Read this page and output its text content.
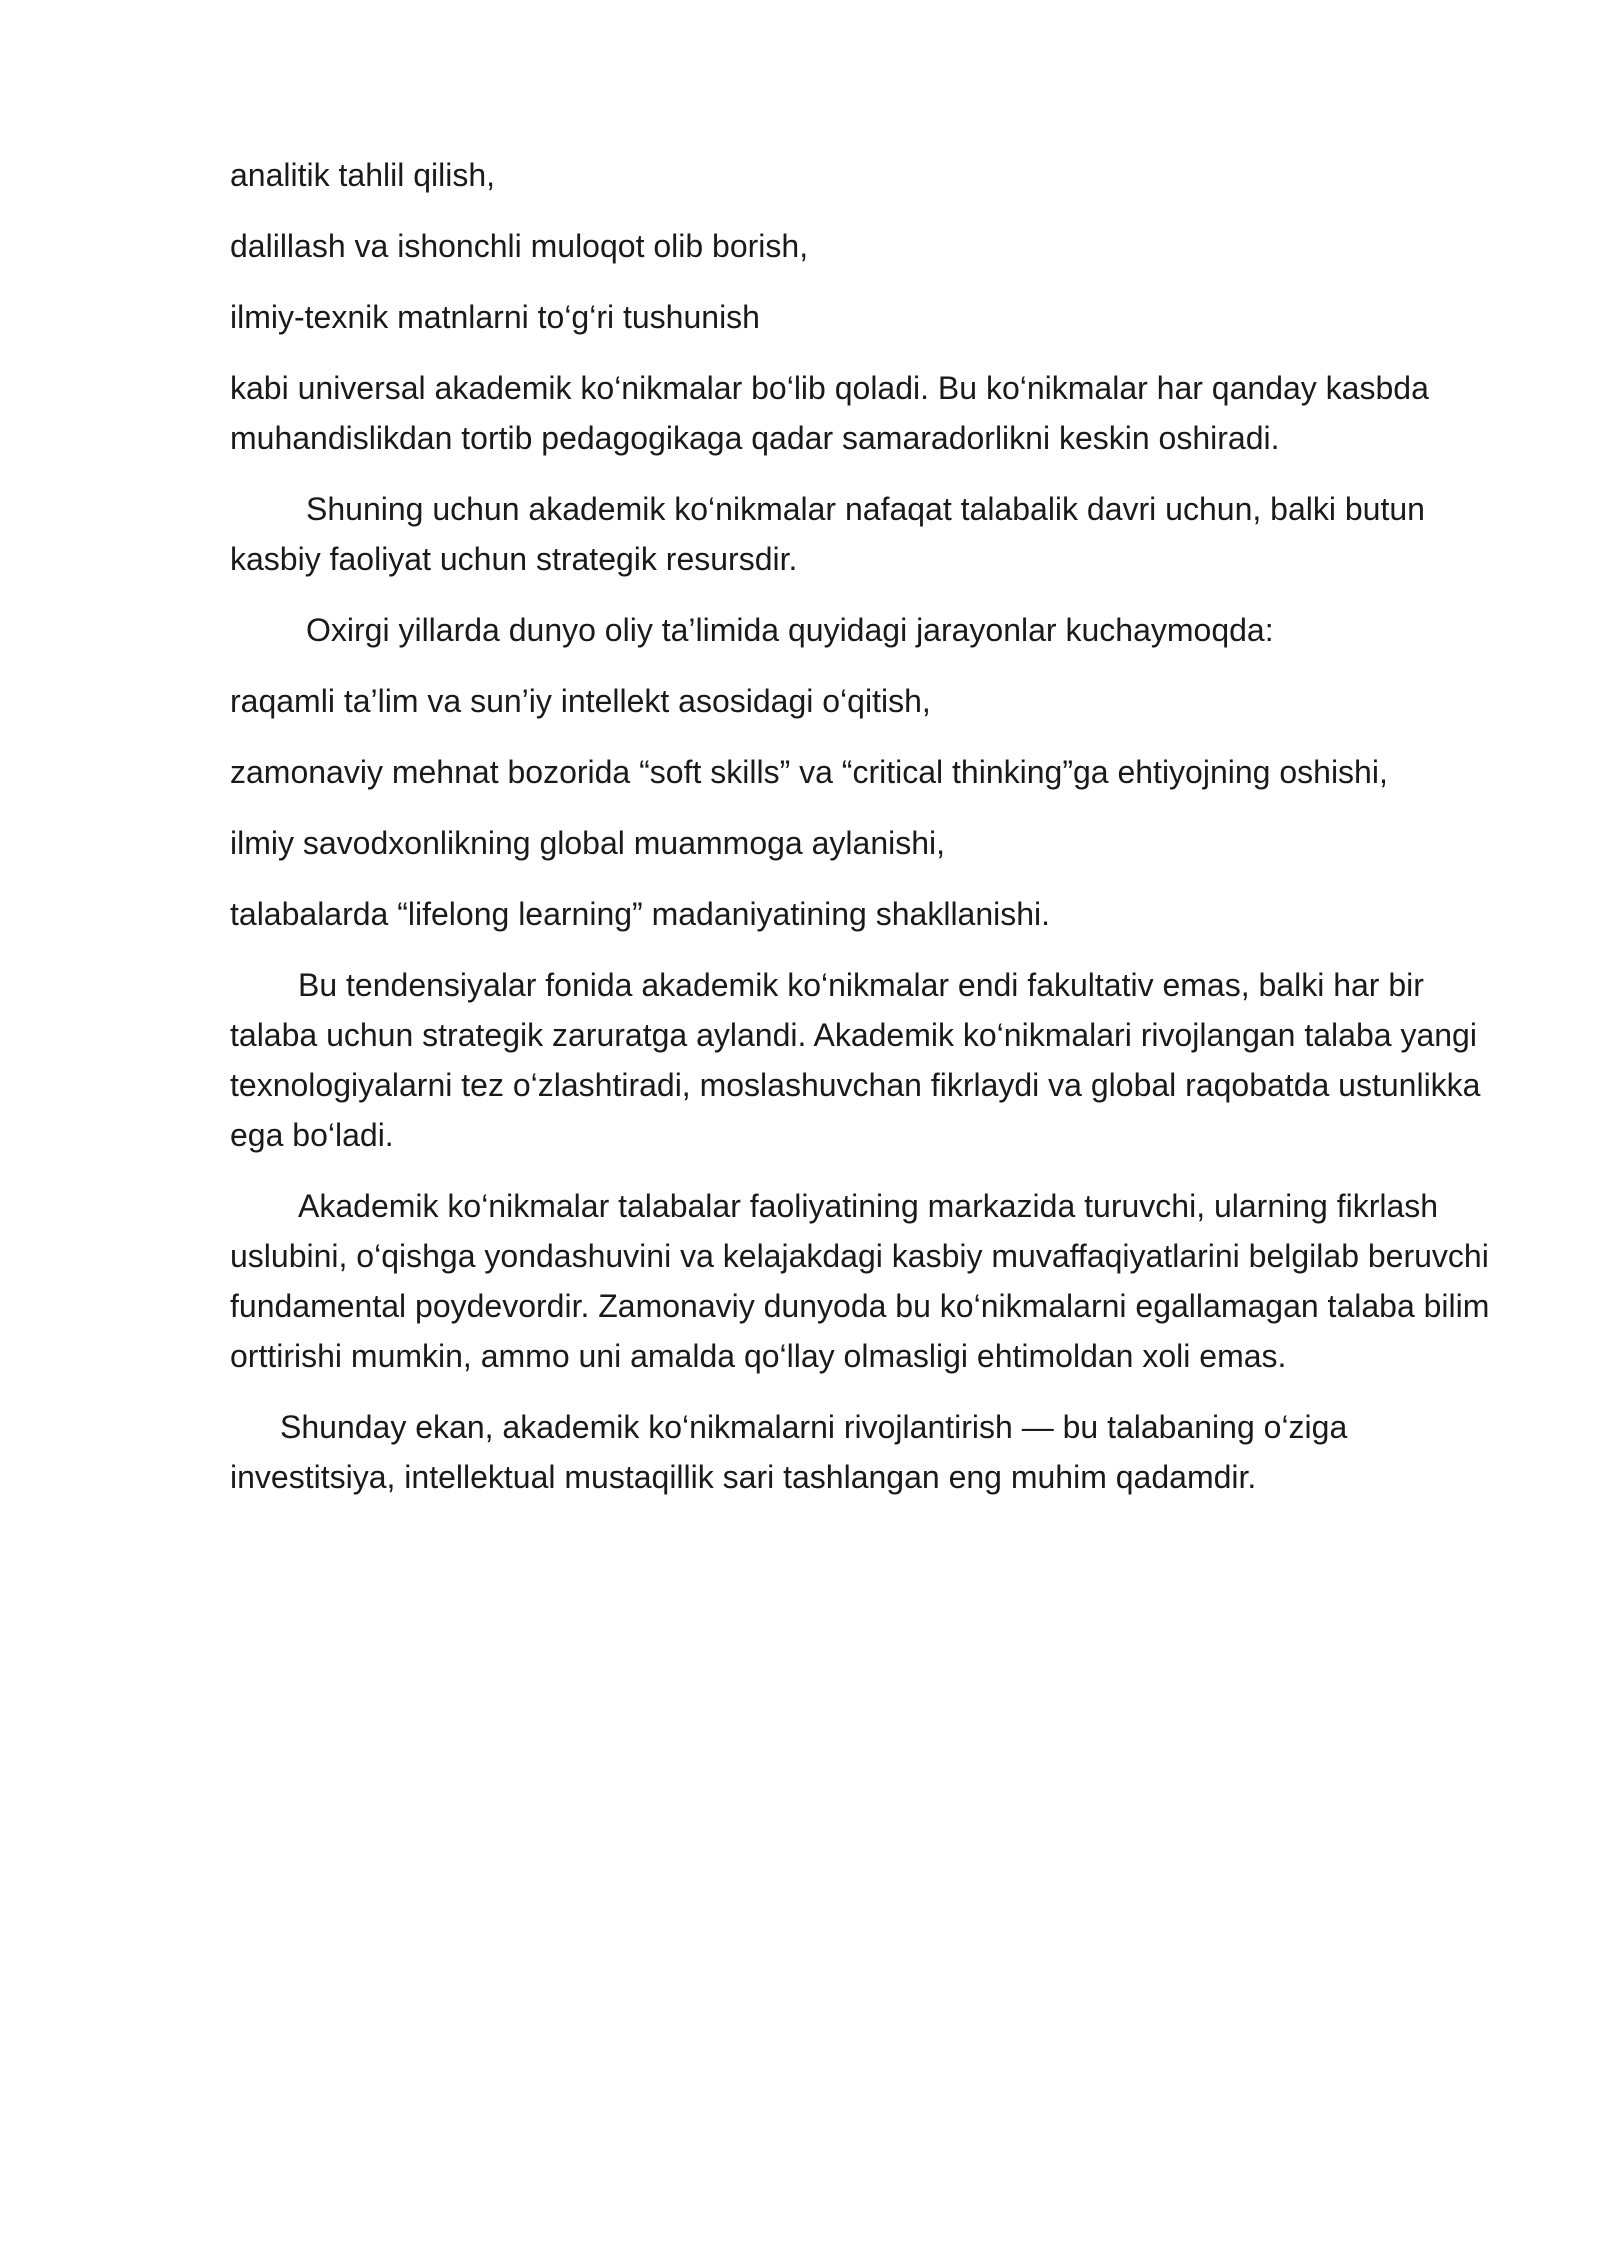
analitik tahlil qilish,

dalillash va ishonchli muloqot olib borish,

ilmiy-texnik matnlarni to‘g‘ri tushunish

kabi universal akademik ko‘nikmalar bo‘lib qoladi. Bu ko‘nikmalar har qanday kasbda muhandislikdan tortib pedagogikaga qadar samaradorlikni keskin oshiradi.

Shuning uchun akademik ko‘nikmalar nafaqat talabalik davri uchun, balki butun kasbiy faoliyat uchun strategik resursdir.

Oxirgi yillarda dunyo oliy ta’limida quyidagi jarayonlar kuchaymoqda:

raqamli ta’lim va sun’iy intellekt asosidagi o‘qitish,

zamonaviy mehnat bozorida “soft skills” va “critical thinking”ga ehtiyojning oshishi,

ilmiy savodxonlikning global muammoga aylanishi,

talabalarda “lifelong learning” madaniyatining shakllanishi.

Bu tendensiyalar fonida akademik ko‘nikmalar endi fakultativ emas, balki har bir talaba uchun strategik zaruratga aylandi. Akademik ko‘nikmalari rivojlangan talaba yangi texnologiyalarni tez o‘zlashtiradi, moslashuvchan fikrlaydi va global raqobatda ustunlikka ega bo‘ladi.

Akademik ko‘nikmalar talabalar faoliyatining markazida turuvchi, ularning fikrlash uslubini, o‘qishga yondashuvini va kelajakdagi kasbiy muvaffaqiyatlarini belgilab beruvchi fundamental poydevordir. Zamonaviy dunyoda bu ko‘nikmalarni egallamagan talaba bilim orttirishi mumkin, ammo uni amalda qo‘llay olmasligi ehtimoldan xoli emas.

Shunday ekan, akademik ko‘nikmalarni rivojlantirish — bu talabaning o‘ziga investitsiya, intellektual mustaqillik sari tashlangan eng muhim qadamdir.
